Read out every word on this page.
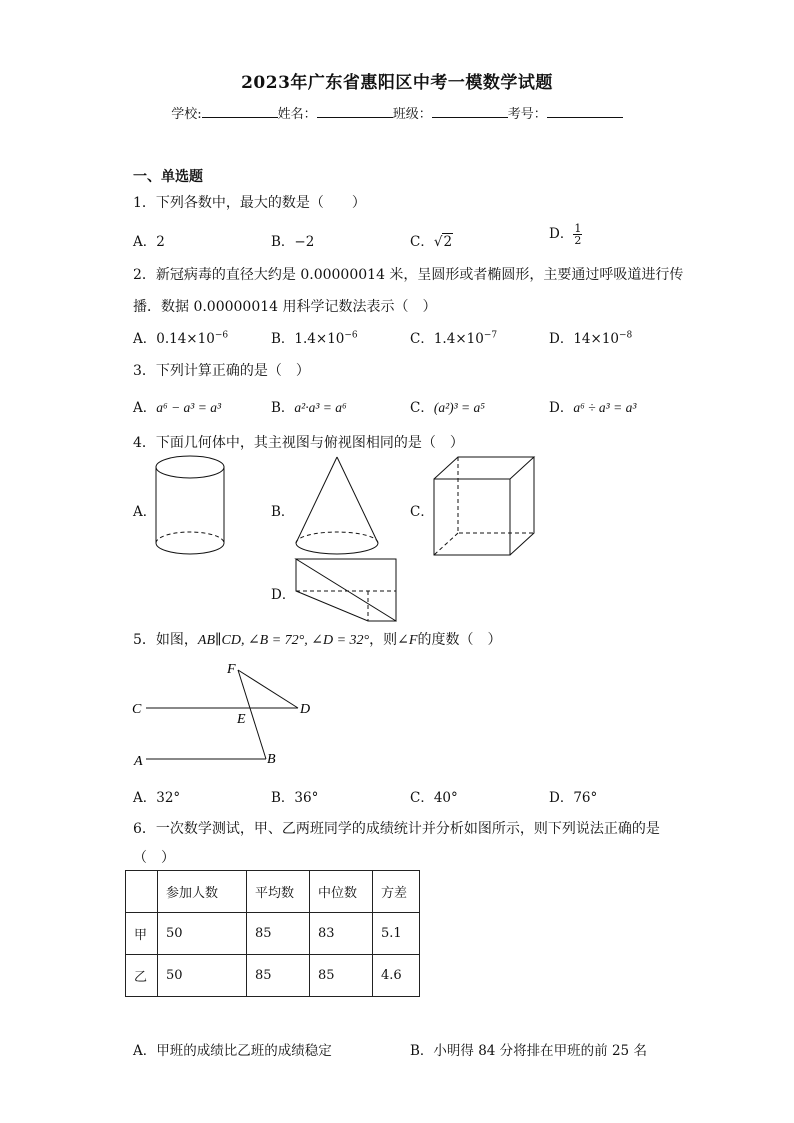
2023年广东省惠阳区中考一模数学试题
学校:	姓名：	班级：	考号：
一、单选题
1．下列各数中，最大的数是（　　）
A．2	B．−2	C．√2	D． $\frac{1}{2}$
2．新冠病毒的直径大约是 0.00000014 米，呈圆形或者椭圆形，主要通过呼吸道进行传
播．数据 0.00000014 用科学记数法表示（　）
A．$0.14\times 10^{-6}$	B．$1.4\times 10^{-6}$	C．$1.4\times 10^{-7}$	D．$14\times 10^{-8}$
3．下列计算正确的是（　）
A．a⁶ − a³ = a³	B．a²·a³ = a⁶	C．(a²)³ = a⁵	D．a⁶ ÷ a³ = a³
4．下面几何体中，其主视图与俯视图相同的是（　）
A．	B．	C．
D．
5．如图，AB∥CD, ∠B = 72°, ∠D = 32°，则∠F的度数（　）
F
C
E
D
A	B
A．32°	B．36°	C．40°	D．76°
6．一次数学测试，甲、乙两班同学的成绩统计并分析如图所示，则下列说法正确的是
（　）
	参加人数	平均数	中位数	方差
甲	50	85	83	5.1
乙	50	85	85	4.6
A．甲班的成绩比乙班的成绩稳定	B．小明得 84 分将排在甲班的前 25 名
